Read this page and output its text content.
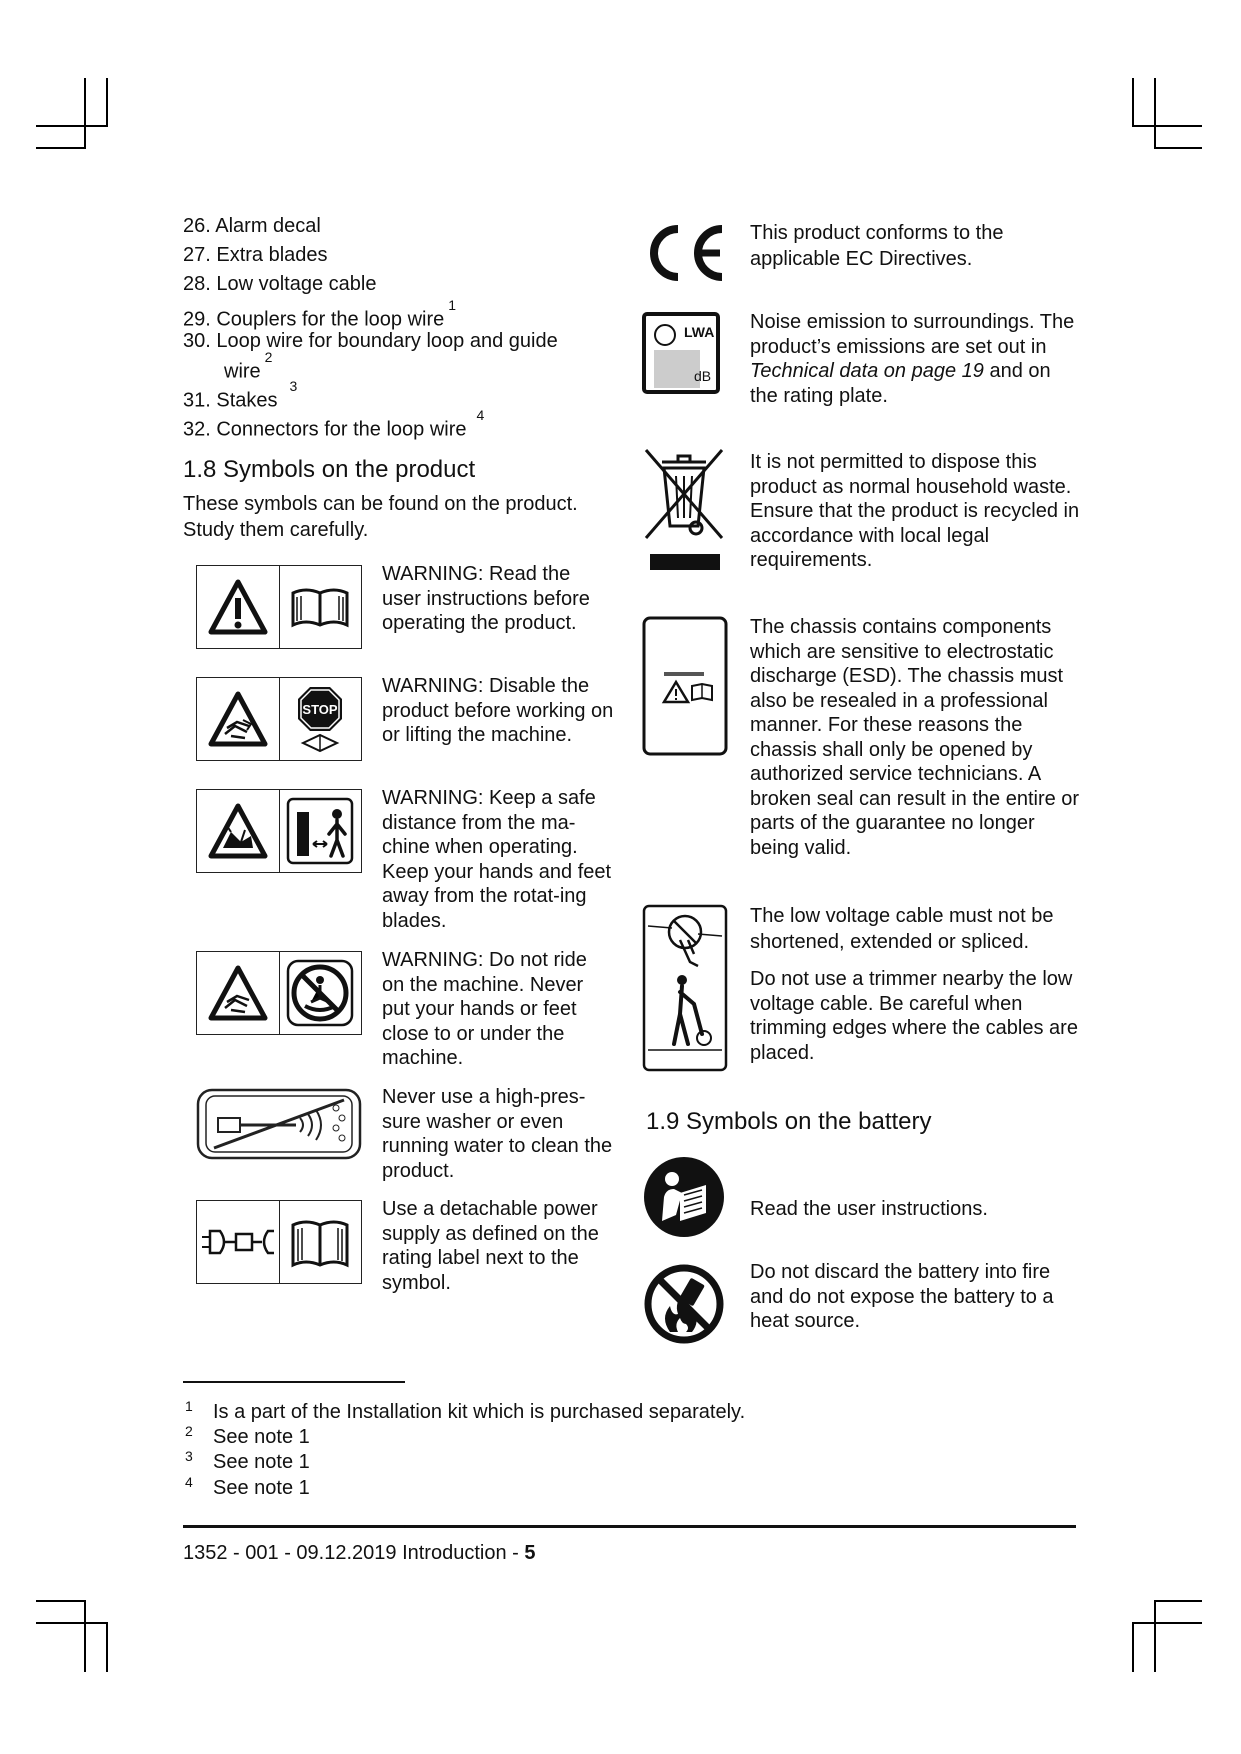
26. Alarm decal
27. Extra blades
28. Low voltage cable
29. Couplers for the loop wire$^1$
30. Loop wire for boundary loop and guide
wire$^2$
31. Stakes$^3$
32. Connectors for the loop wire$^4$
1.8 Symbols on the product
These symbols can be found on the product. Study them carefully.
WARNING: Read the user instructions before operating the product.
STOP
WARNING: Disable the product before working on or lifting the machine.
WARNING: Keep a safe distance from the ma-chine when operating. Keep your hands and feet away from the rotat-ing blades.
WARNING: Do not ride on the machine. Never put your hands or feet close to or under the machine.
Never use a high-pres-sure washer or even running water to clean the product.
Use a detachable power supply as defined on the rating label next to the symbol.
This product conforms to the applicable EC Directives.
LWA
dB
Noise emission to surroundings. The product’s emissions are set out in Technical data on page 19 and on the rating plate.
It is not permitted to dispose this product as normal household waste. Ensure that the product is recycled in accordance with local legal requirements.
The chassis contains components which are sensitive to electrostatic discharge (ESD). The chassis must also be resealed in a professional manner. For these reasons the chassis shall only be opened by authorized service technicians. A broken seal can result in the entire or parts of the guarantee no longer being valid.
The low voltage cable must not be shortened, extended or spliced.
Do not use a trimmer nearby the low voltage cable. Be careful when trimming edges where the cables are placed.
1.9 Symbols on the battery
Read the user instructions.
Do not discard the battery into fire and do not expose the battery to a heat source.
1 Is a part of the Installation kit which is purchased separately.
2 See note 1
3 See note 1
4 See note 1
1352 - 001 - 09.12.2019 Introduction - 5
